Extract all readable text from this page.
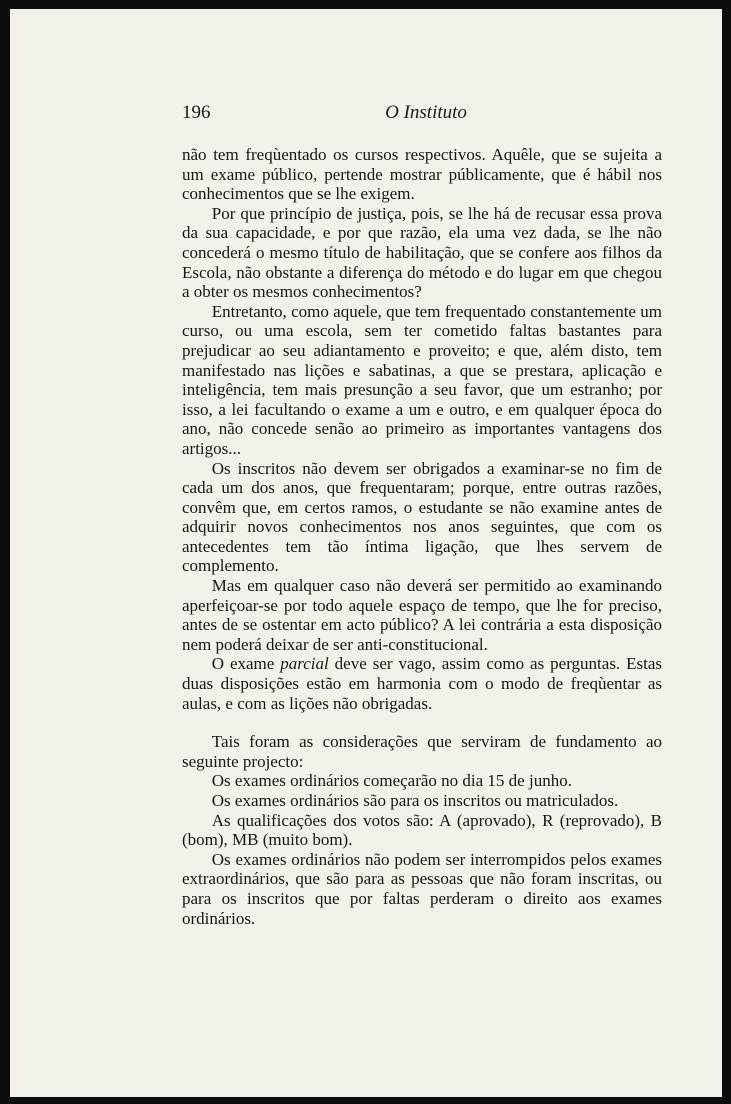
196	O Instituto

não tem freqùentado os cursos respectivos. Aquêle, que se sujeita a um exame público, pertende mostrar públicamente, que é hábil nos conhecimentos que se lhe exigem.

Por que princípio de justiça, pois, se lhe há de recusar essa prova da sua capacidade, e por que razão, ela uma vez dada, se lhe não concederá o mesmo título de habilitação, que se confere aos filhos da Escola, não obstante a diferença do método e do lugar em que chegou a obter os mesmos conhecimentos?

Entretanto, como aquele, que tem frequentado constantemente um curso, ou uma escola, sem ter cometido faltas bastantes para prejudicar ao seu adiantamento e proveito; e que, além disto, tem manifestado nas lições e sabatinas, a que se prestara, aplicação e inteligência, tem mais presunção a seu favor, que um estranho; por isso, a lei facultando o exame a um e outro, e em qualquer época do ano, não concede senão ao primeiro as importantes vantagens dos artigos...

Os inscritos não devem ser obrigados a examinar-se no fim de cada um dos anos, que frequentaram; porque, entre outras razões, convêm que, em certos ramos, o estudante se não examine antes de adquirir novos conhecimentos nos anos seguintes, que com os antecedentes tem tão íntima ligação, que lhes servem de complemento.

Mas em qualquer caso não deverá ser permitido ao examinando aperfeiçoar-se por todo aquele espaço de tempo, que lhe for preciso, antes de se ostentar em acto público? A lei contrária a esta disposição nem poderá deixar de ser anti-constitucional.

O exame parcial deve ser vago, assim como as perguntas. Estas duas disposições estão em harmonia com o modo de freqùentar as aulas, e com as lições não obrigadas.

Tais foram as considerações que serviram de fundamento ao seguinte projecto:

Os exames ordinários começarão no dia 15 de junho.

Os exames ordinários são para os inscritos ou matriculados.

As qualificações dos votos são: A (aprovado), R (reprovado), B (bom), MB (muito bom).

Os exames ordinários não podem ser interrompidos pelos exames extraordinários, que são para as pessoas que não foram inscritas, ou para os inscritos que por faltas perderam o direito aos exames ordinários.
